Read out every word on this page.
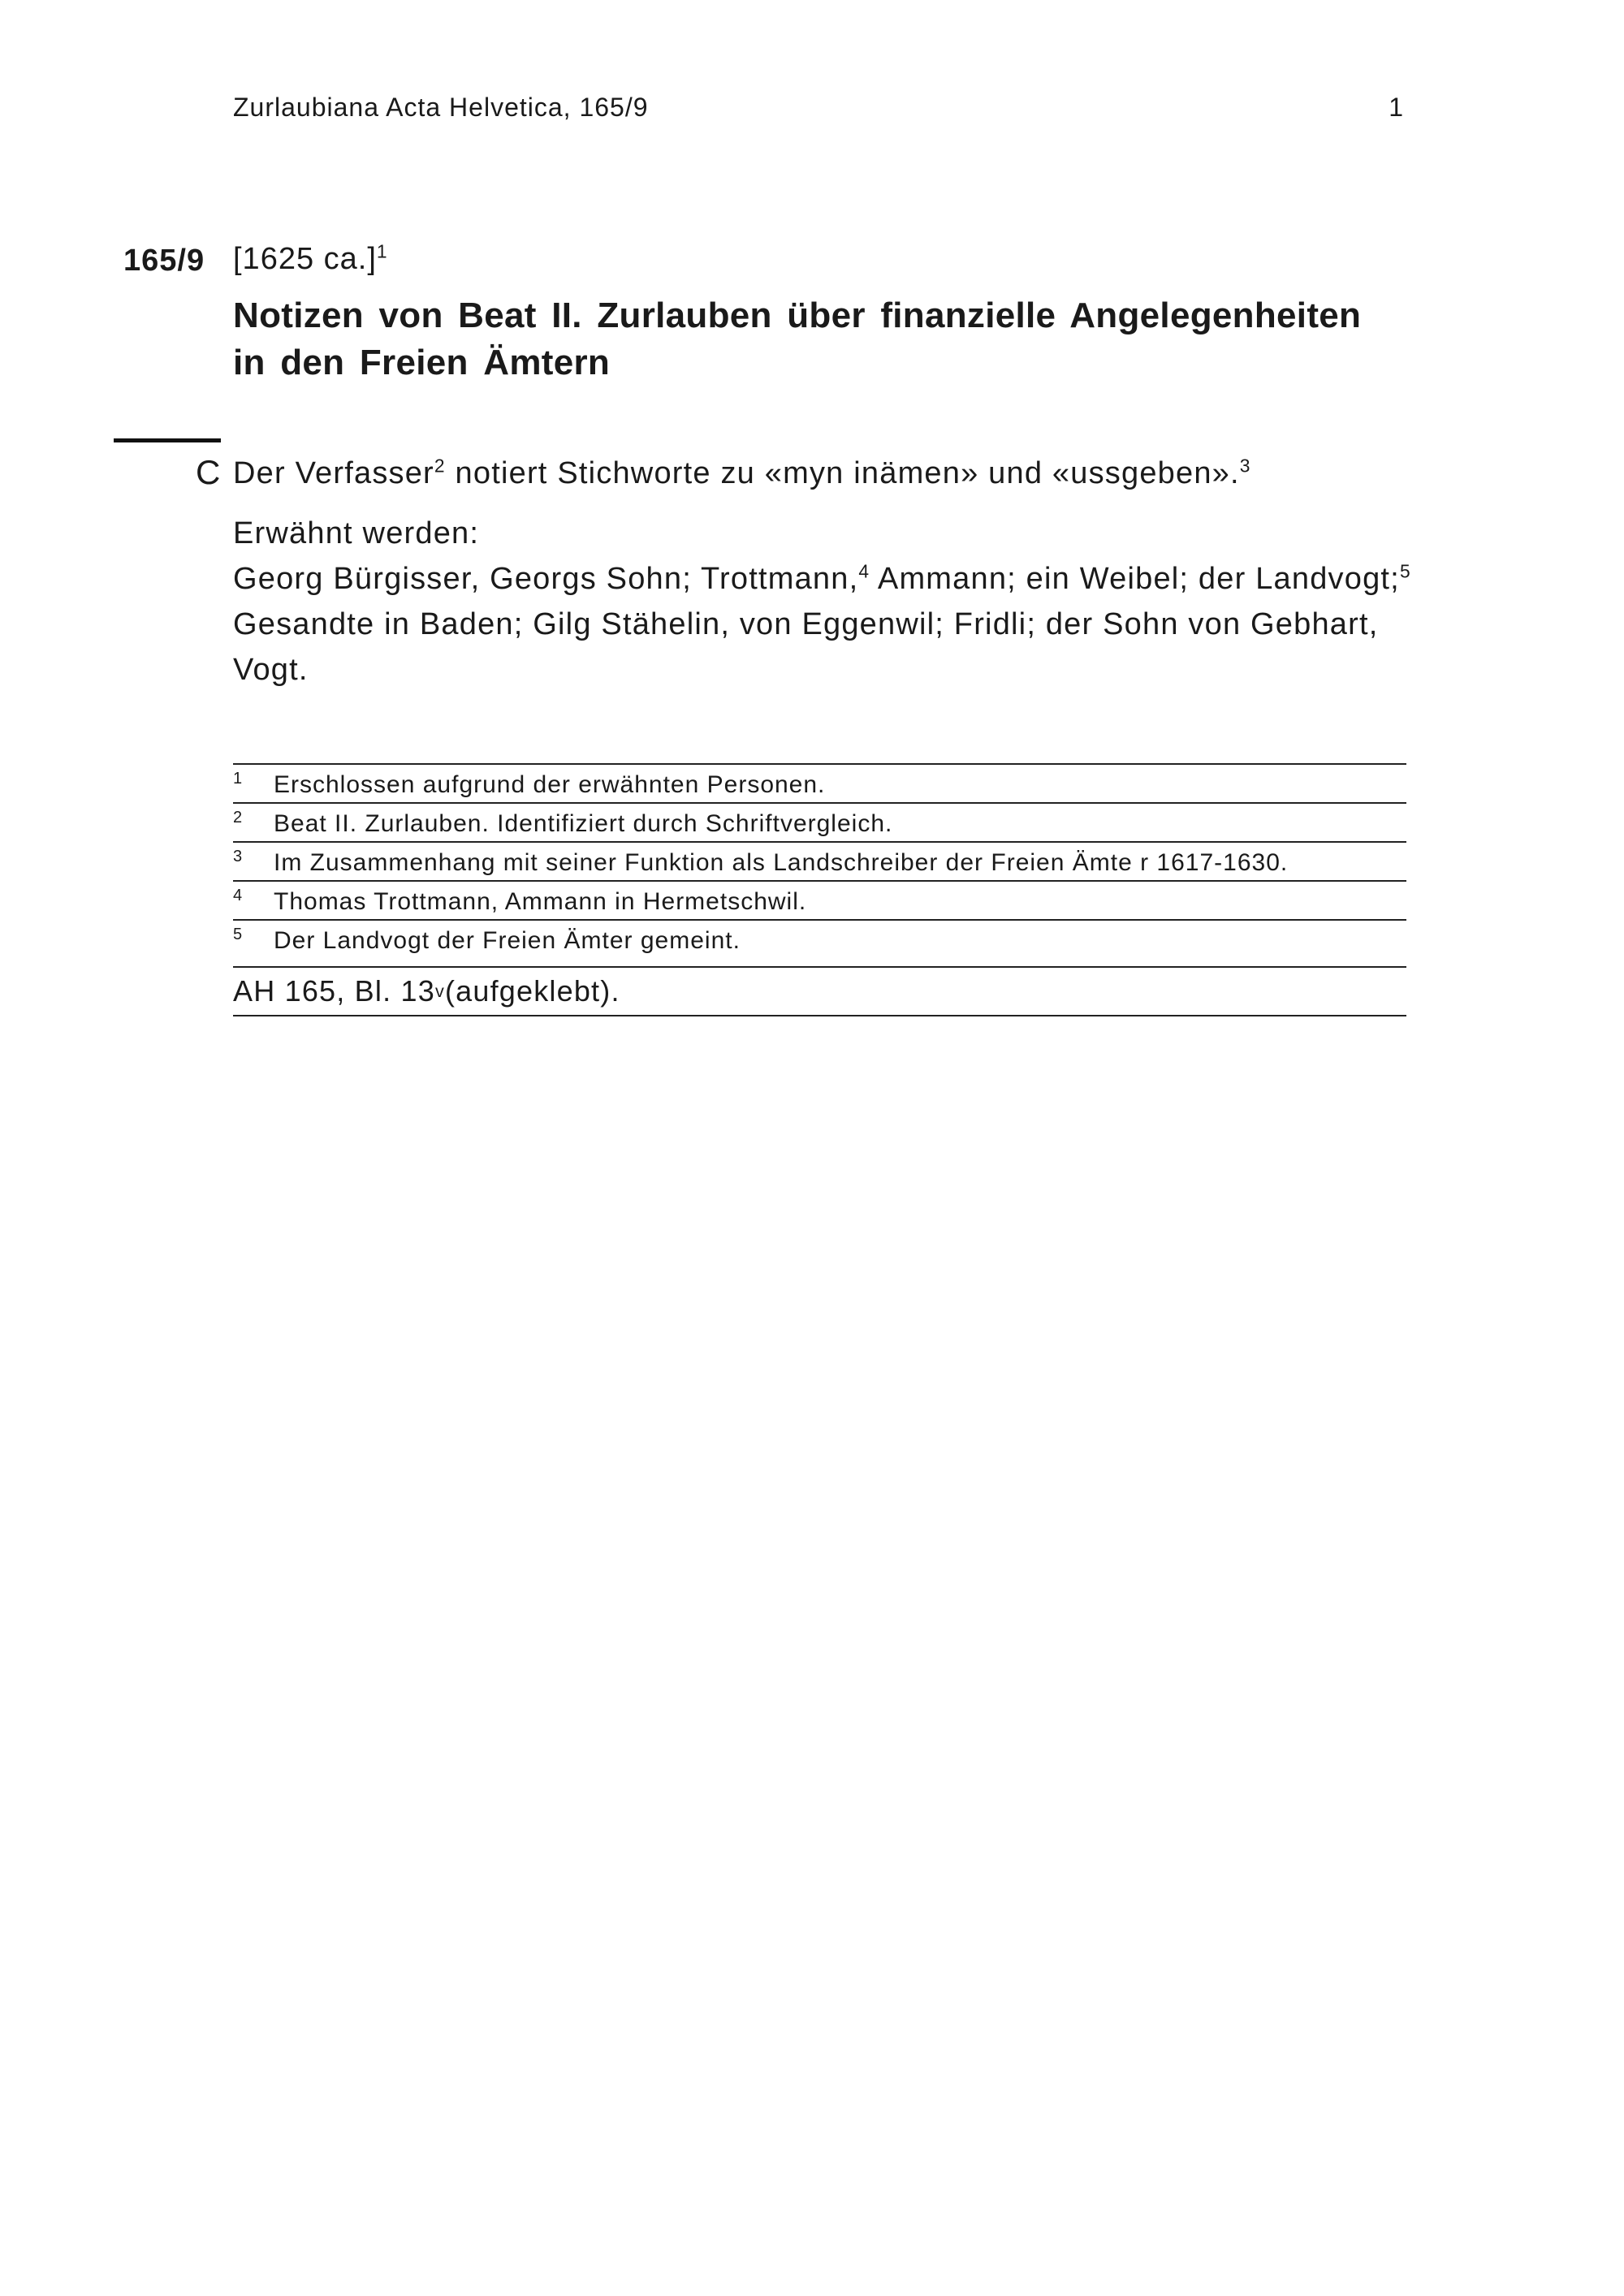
Zurlaubiana Acta Helvetica, 165/9	1
165/9 [1625 ca.]$^1$
Notizen von Beat II. Zurlauben über finanzielle Angelegenheiten in den Freien Ämtern
C Der Verfasser$^2$ notiert Stichworte zu «myn inämen» und «ussgeben».$^3$

Erwähnt werden:

Georg Bürgisser, Georgs Sohn; Trottmann,$^4$ Ammann; ein Weibel; der Landvogt;$^5$ Gesandte in Baden; Gilg Stähelin, von Eggenwil; Fridli; der Sohn von Gebhart, Vogt.

1	Erschlossen aufgrund der erwähnten Personen.
2	Beat II. Zurlauben. Identifiziert durch Schriftvergleich.
3	Im Zusammenhang mit seiner Funktion als Landschreiber der Freien Ämte r 1617-1630.
4	Thomas Trottmann, Ammann in Hermetschwil.
5	Der Landvogt der Freien Ämter gemeint.
AH 165, Bl. 13 v (aufgeklebt).
